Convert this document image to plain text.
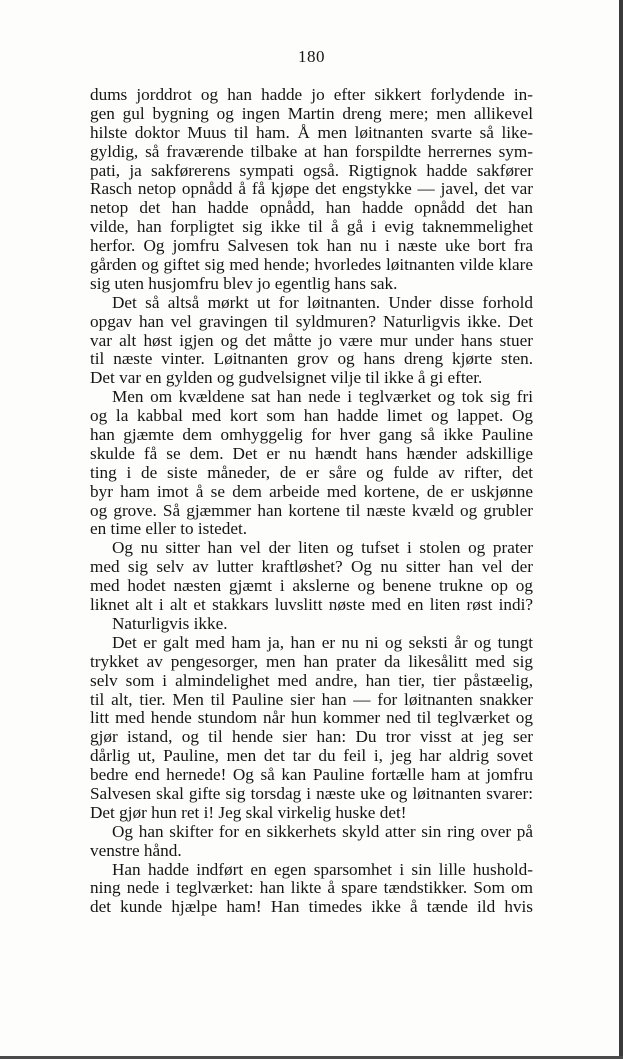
180
dums jorddrot og han hadde jo efter sikkert forlydende in-
gen gul bygning og ingen Martin dreng mere; men allikevel
hilste doktor Muus til ham. Å men løitnanten svarte så like-
gyldig, så fraværende tilbake at han forspildte herrernes sym-
pati, ja sakførerens sympati også. Rigtignok hadde sakfører
Rasch netop opnådd å få kjøpe det engstykke — javel, det var
netop det han hadde opnådd, han hadde opnådd det han
vilde, han forpligtet sig ikke til å gå i evig taknemmelighet
herfor. Og jomfru Salvesen tok han nu i næste uke bort fra
gården og giftet sig med hende; hvorledes løitnanten vilde klare
sig uten husjomfru blev jo egentlig hans sak.
Det så altså mørkt ut for løitnanten. Under disse forhold
opgav han vel gravingen til syldmuren? Naturligvis ikke. Det
var alt høst igjen og det måtte jo være mur under hans stuer
til næste vinter. Løitnanten grov og hans dreng kjørte sten.
Det var en gylden og gudvelsignet vilje til ikke å gi efter.
Men om kvældene sat han nede i teglværket og tok sig fri
og la kabbal med kort som han hadde limet og lappet. Og
han gjæmte dem omhyggelig for hver gang så ikke Pauline
skulde få se dem. Det er nu hændt hans hænder adskillige
ting i de siste måneder, de er såre og fulde av rifter, det
byr ham imot å se dem arbeide med kortene, de er uskjønne
og grove. Så gjæmmer han kortene til næste kvæld og grubler
en time eller to istedet.
Og nu sitter han vel der liten og tufset i stolen og prater
med sig selv av lutter kraftløshet? Og nu sitter han vel der
med hodet næsten gjæmt i akslerne og benene trukne op og
liknet alt i alt et stakkars luvslitt nøste med en liten røst indi?
Naturligvis ikke.
Det er galt med ham ja, han er nu ni og seksti år og tungt
trykket av pengesorger, men han prater da likesålitt med sig
selv som i almindelighet med andre, han tier, tier påstæelig,
til alt, tier. Men til Pauline sier han — for løitnanten snakker
litt med hende stundom når hun kommer ned til teglværket og
gjør istand, og til hende sier han: Du tror visst at jeg ser
dårlig ut, Pauline, men det tar du feil i, jeg har aldrig sovet
bedre end hernede! Og så kan Pauline fortælle ham at jomfru
Salvesen skal gifte sig torsdag i næste uke og løitnanten svarer:
Det gjør hun ret i! Jeg skal virkelig huske det!
Og han skifter for en sikkerhets skyld atter sin ring over på
venstre hånd.
Han hadde indført en egen sparsomhet i sin lille hushold-
ning nede i teglværket: han likte å spare tændstikker. Som om
det kunde hjælpe ham! Han timedes ikke å tænde ild hvis
